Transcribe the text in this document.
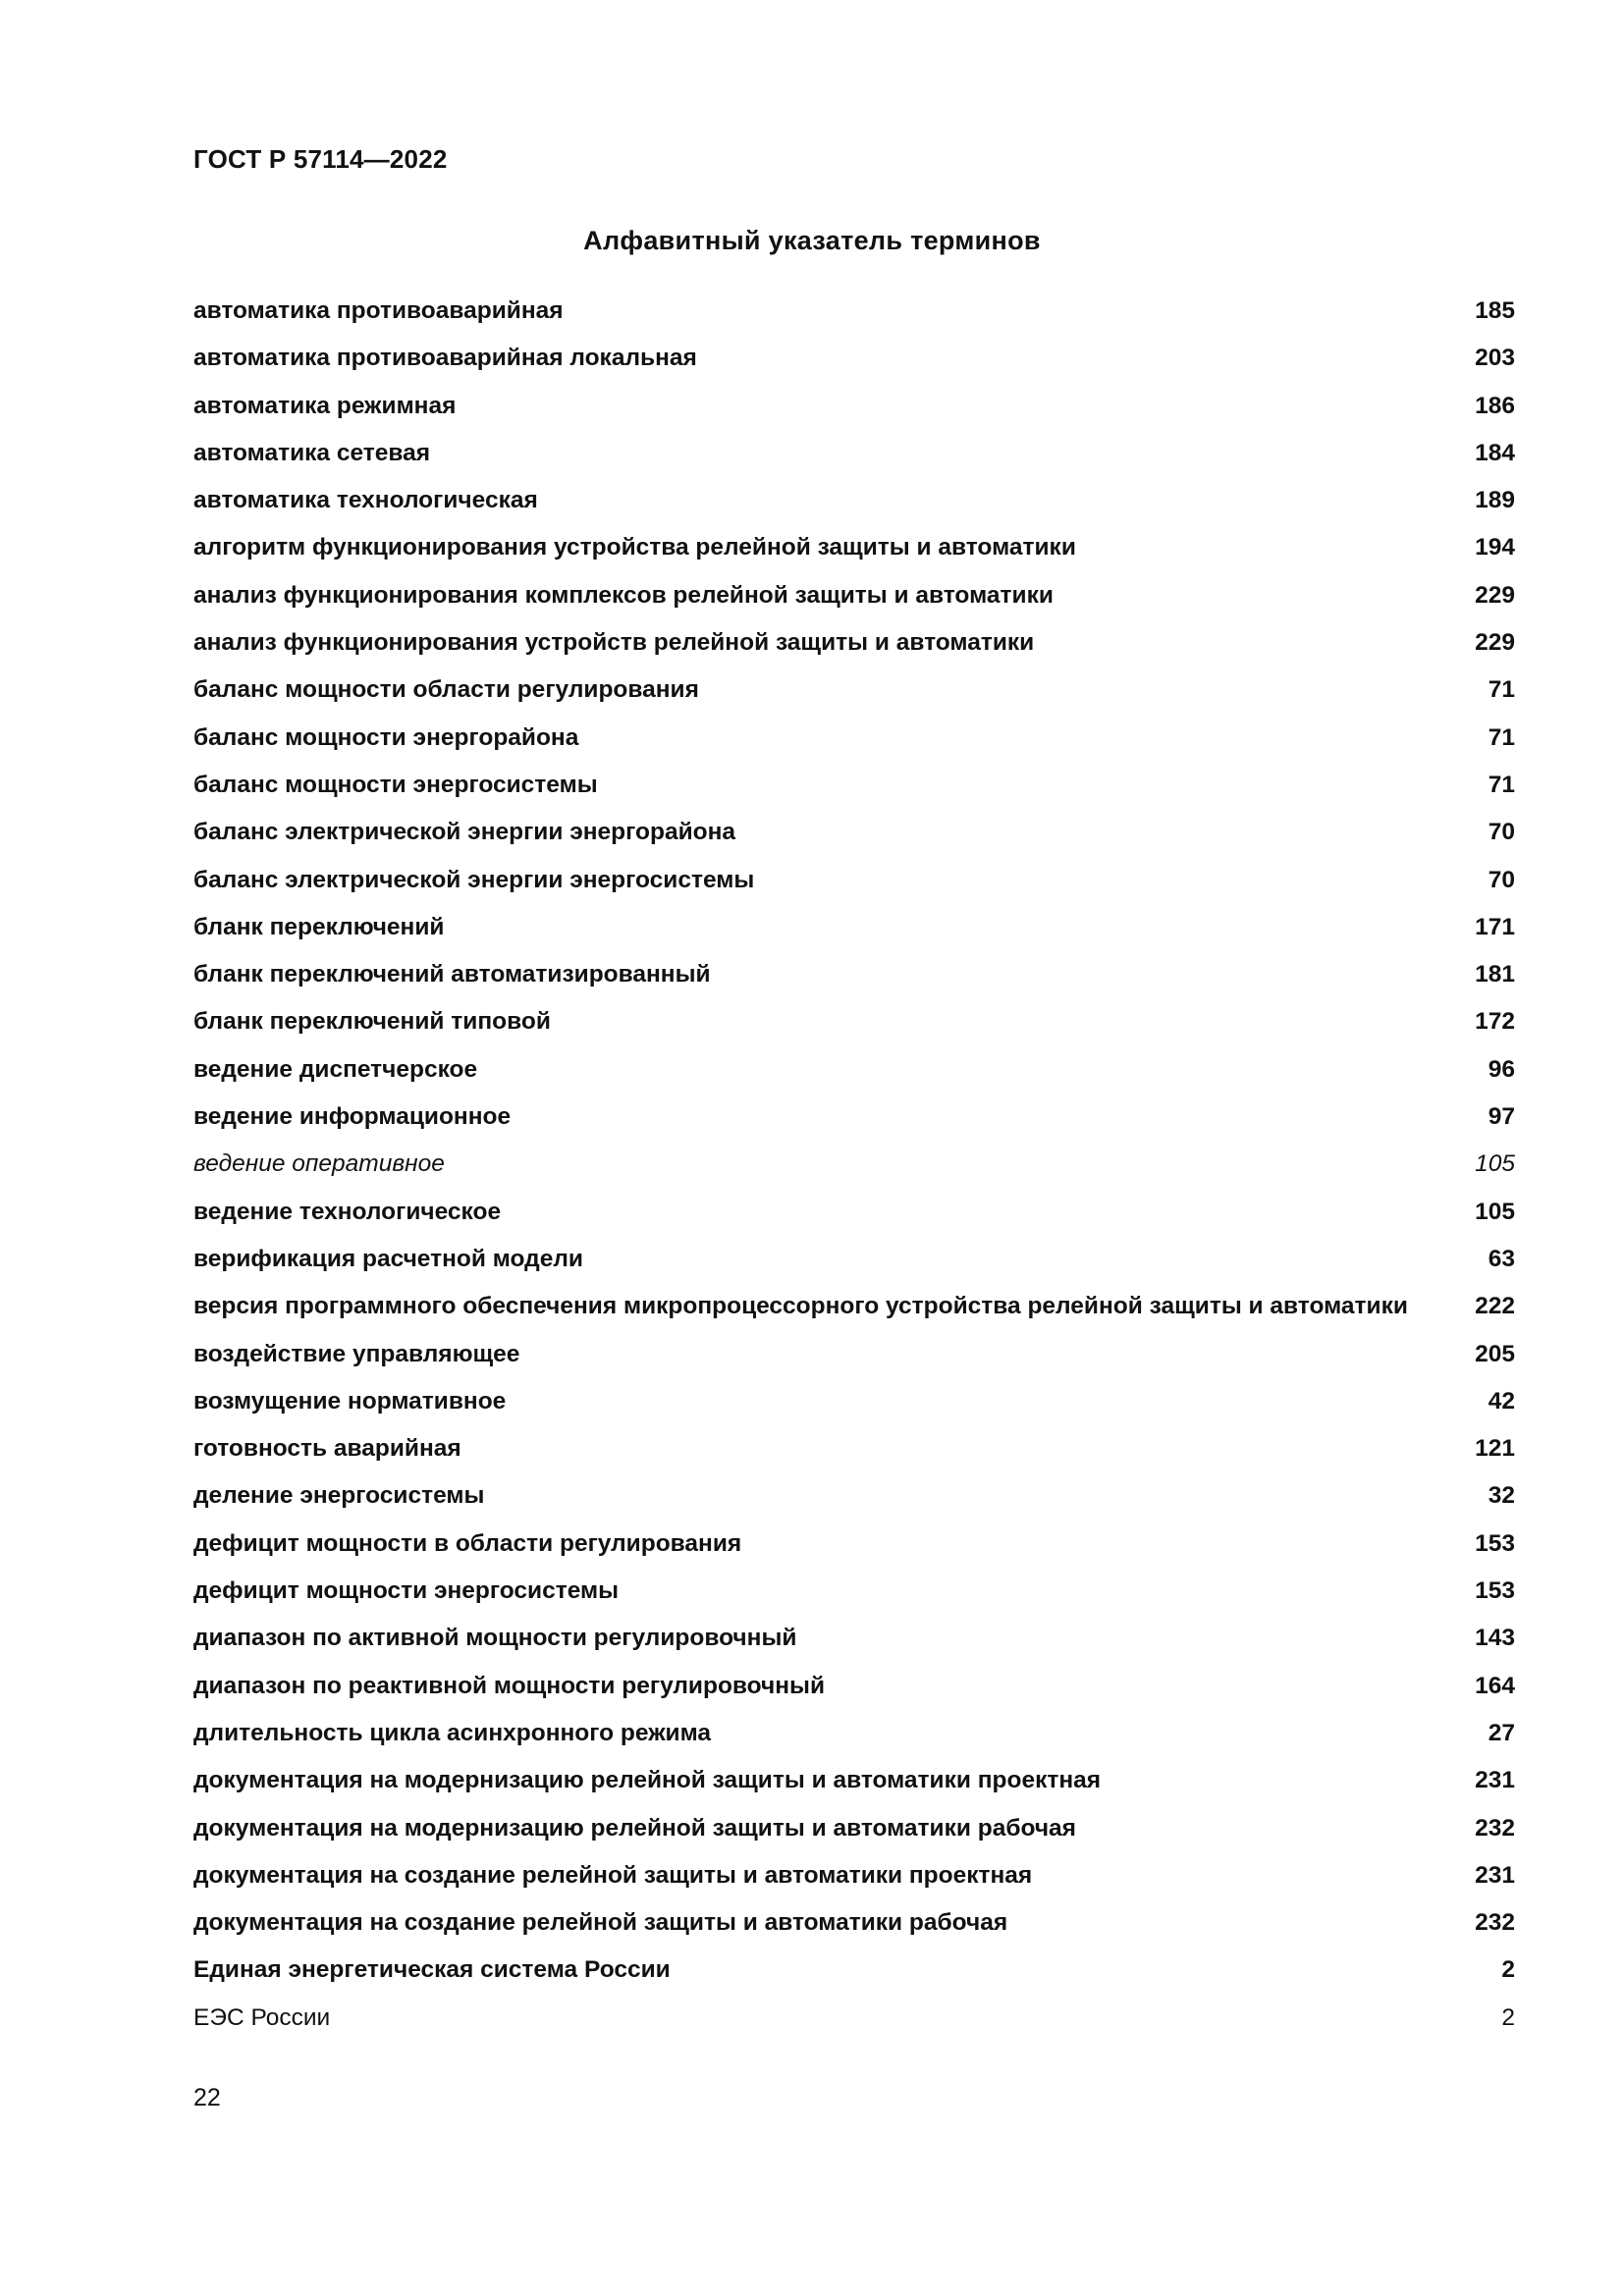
ГОСТ Р 57114—2022
Алфавитный указатель терминов
автоматика противоаварийная	185
автоматика противоаварийная локальная	203
автоматика режимная	186
автоматика сетевая	184
автоматика технологическая	189
алгоритм функционирования устройства релейной защиты и автоматики	194
анализ функционирования комплексов релейной защиты и автоматики	229
анализ функционирования устройств релейной защиты и автоматики	229
баланс мощности области регулирования	71
баланс мощности энергорайона	71
баланс мощности энергосистемы	71
баланс электрической энергии энергорайона	70
баланс электрической энергии энергосистемы	70
бланк переключений	171
бланк переключений автоматизированный	181
бланк переключений типовой	172
ведение диспетчерское	96
ведение информационное	97
ведение оперативное	105
ведение технологическое	105
верификация расчетной модели	63
версия программного обеспечения микропроцессорного устройства релейной защиты и автоматики	222
воздействие управляющее	205
возмущение нормативное	42
готовность аварийная	121
деление энергосистемы	32
дефицит мощности в области регулирования	153
дефицит мощности энергосистемы	153
диапазон по активной мощности регулировочный	143
диапазон по реактивной мощности регулировочный	164
длительность цикла асинхронного режима	27
документация на модернизацию релейной защиты и автоматики проектная	231
документация на модернизацию релейной защиты и автоматики рабочая	232
документация на создание релейной защиты и автоматики проектная	231
документация на создание релейной защиты и автоматики рабочая	232
Единая энергетическая система России	2
ЕЭС России	2
22
